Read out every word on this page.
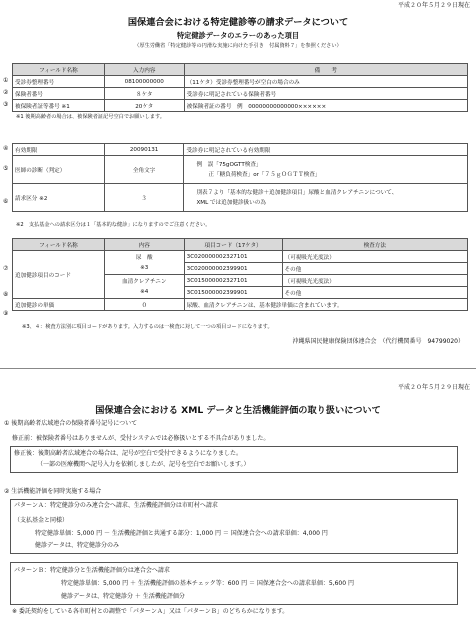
平成２０年５月２９日現在
国保連合会における特定健診等の請求データについて
特定健診データのエラーのあった項目
（厚生労働省「特定健診等の円滑な実施に向けた手引き　付属資料７」を参照ください）
フィールド名称	入力内容	備　　考
受診券整理番号	08100000000	（11ケタ）受診券整理番号が空白の場合のみ
保険者番号	８ケタ	受診券に明記されている保険者番号
被保険者証等番号 ※1	20ケタ	被保険者証の番号　例　00000000000000××××××
①
②
③
※1 後期高齢者の場合は、被保険者証記号空白でお願いします。
有効期限	20090131	受診券に明記されている有効期限
医師の診断（判定）	全角文字	例　誤「75gOGTT検査」
正「糖負荷検査」or「７５ｇＯＧＴＴ検査」

請求区分 ※2	３	別表７より「基本的な健診＋追加健診項目」尿酸と血清クレアチニンについて、
XML では追加健診扱いの為
④
⑤
⑥
※2　支払基金への請求区分は１「基本的な健診」になりますのでご注意ください。
フィールド名称	内容	項目コード（17ケタ）	検査方法
追加健診項目のコード	尿　酸	3C020000002327101	（可視吸光光度法）
	※3	3C020000002399901	その他
	血清クレアチニン	3C015000002327101	（可視吸光光度法）
	※4	3C015000002399901	その他
追加健診の単価	０	尿酸、血清クレアチニンは、基本健診単価に含まれています。	
⑦
⑧
⑨
※3、４：検査方法別に項目コードがあります。入力するのは一検査に対して一つの項目コードになります。
沖縄県国民健康保険団体連合会　（代行機関番号　94799020）
平成２０年５月２９日現在
国保連合会における XML データと生活機能評価の取り扱いについて
① 後期高齢者広域連合の保険者番号記号について
修正前：被保険者番号はありませんが、受付システムでは必修扱いとする不具合がありました。
修正後：後期高齢者広域連合の場合は、記号が空白で受付できるようになりました。
（一部の医療機関へ記号入力を依頼しましたが、記号を空白でお願いします。）
② 生活機能評価を同時実施する場合
パターンＡ：特定健診分のみ連合会へ請求、生活機能評価分は市町村へ請求
（支払基金と同様）
特定健診単価：5,000 円 － 生活機能評価と共通する部分：1,000 円 ＝ 国保連合会への請求単価：4,000 円
健診データは、特定健診分のみ
パターンＢ：特定健診分と生活機能評価分は連合会へ請求
特定健診単価：5,000 円 ＋ 生活機能評価の基本チェック等：600 円 ＝ 国保連合会への請求単価：5,600 円
健診データは、特定健診分 ＋ 生活機能評価分
※ 委託契約をしている各市町村との調整で「パターンＡ」又は「パターンＢ」のどちらかになります。
